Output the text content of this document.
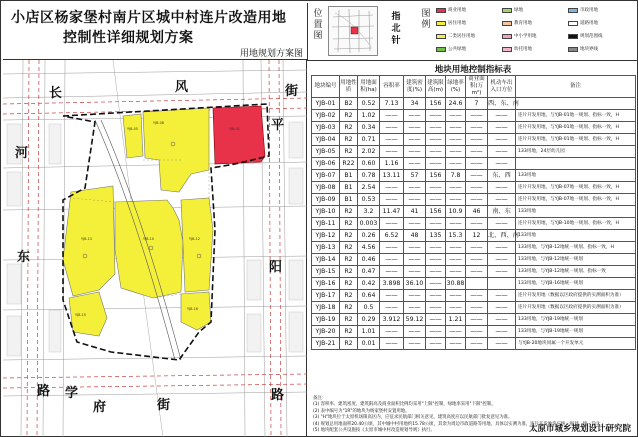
小店区杨家堡村南片区城中村连片改造用地
控制性详细规划方案
用地规划方案图
位
置
图
指
北
针
图
例
商业用地
居住用地
二类居住用地
公共绿地
绿地
教育用地
中小学用地
幼托用地
市政用地
道路用地
规划范围线
地块界线
YJB-08
YJB-01
YJB-05
YJB-10	YJB-12
YJB-13
YJB-15
YJB-16
长	风	街
平
阳
路
学
府	街
河
东
路
地块用地控制指标表
地块编号	用地性质	用地面积(ha)	容积率	建筑密度(%)	建筑限高(m)	绿地率(%)	商业面积(万m²)	机动车出入口方位	备注
YJB-01	B2	0.52	7.13	34	156	24.6	7	西、东、南	
YJB-02	R2	1.02	——	——	——	——	——	——	连片开发用地，与YJB-01地一规划、指标一致，H
YJB-03	R2	0.34	——	——	——	——	——	——	连片开发用地，与YJB-01地一规划、指标一致，H
YJB-04	R2	0.71	——	——	——	——	——	——	连片开发用地，与YJB-01地一规划、指标一致，H
YJB-05	R2	2.02	——	——	——	——	——	——	133用地，24层幼儿园
YJB-06	R22	0.60	1.16	——	——	——	——	——	
YJB-07	B1	0.78	13.11	57	156	7.8	——	东、西	133用地
YJB-08	B1	2.54	——	——	——	——	——	——	连片开发用地，与YJB-07地一规划、指标一致，H
YJB-09	B1	0.53	——	——	——	——	——	——	连片开发用地，与YJB-07地一规划、指标一致，H
YJB-10	R2	3.2	11.47	41	156	10.9	46	南、东	133用地
YJB-11	R2	0.003	——	——	——	——	——	——	连片开发用地，与YJB-10地一规划、指标一致，H
YJB-12	R2	0.26	6.52	48	135	15.3	12	北、西、南	133用地
YJB-13	R2	4.56	——	——	——	——	——	——	133用地，与YJB-12地统一规划、指标一致，H
YJB-14	R2	0.46	——	——	——	——	——	——	133用地，与YJB-12地统一规划
YJB-15	R2	0.47	——	——	——	——	——	——	133用地，与YJB-12地统一规划、指标一致
YJB-16	R2	0.42	3.898	36.10	——	30.88			133用地，与YJB-16地统一规划
YJB-17	R2	0.64	——	——	——	——	——	——	连片开发用地（数据以区政府提供的实测面积为准）
YJB-18	R2	0.5	——	——	——	——	——	——	连片开发用地（数据以区政府提供的实测面积为准）
YJB-19	R2	0.29	3.912	59.12	——	1.21	——	——	133用地，与YJB-19地统一规划
YJB-20	R2	1.01	——	——	——	——	——	——	133用地，与YJB-19地统一规划
YJB-21	R2	0.01	——	——	——	——	——	——	与YJB-20地块同属一个开发单元
备注：
(1) 容积率、建筑密度、建筑限高及商业面积比例均采用"上限"控制，绿地率采用"下限"控制。
(2) 表中编号为"1R"的地块为杨家堡村安置用地。
(3) "H"地块位于太原机场限高区内，应征求民航部门相关意见，建筑高度应以民航部门批复意见为准。
(4) 规划总用地面积20.40公顷，其中城中村用地约15.78公顷，其余为周边市政道路等用地，具体以实测为准，连片开发地块应统一规划、统一设计。
(5) 地块配套公共设施按《太原市城中村改造规划导则》执行。	太原市城乡规划设计研究院
